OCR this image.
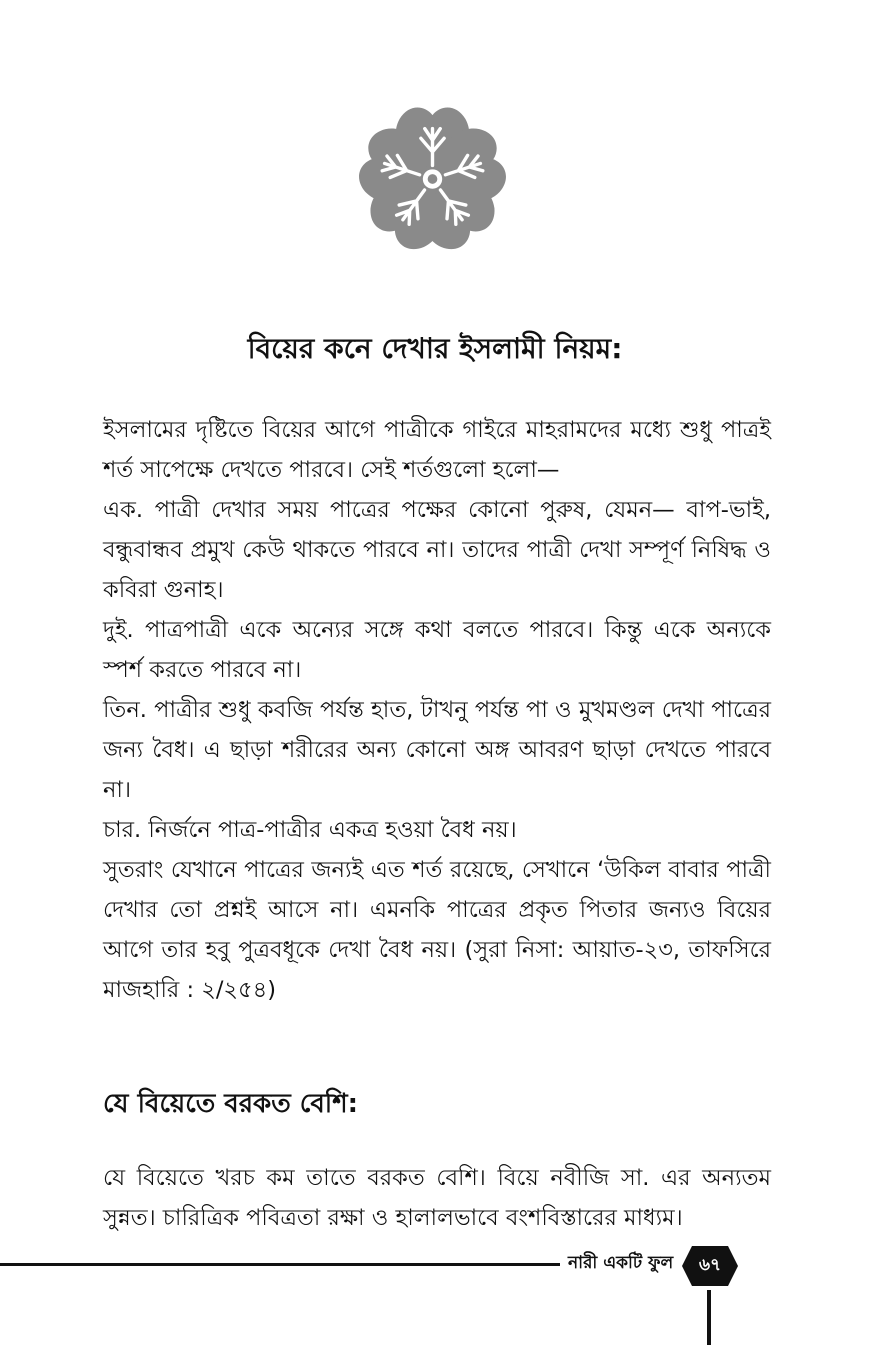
বিয়ের কনে দেখার ইসলামী নিয়ম:

ইসলামের দৃষ্টিতে বিয়ের আগে পাত্রীকে গাইরে মাহরামদের মধ্যে শুধু পাত্রই শর্ত সাপেক্ষে দেখতে পারবে। সেই শর্তগুলো হলো—

এক. পাত্রী দেখার সময় পাত্রের পক্ষের কোনো পুরুষ, যেমন— বাপ-ভাই, বন্ধুবান্ধব প্রমুখ কেউ থাকতে পারবে না। তাদের পাত্রী দেখা সম্পূর্ণ নিষিদ্ধ ও কবিরা গুনাহ।

দুই. পাত্রপাত্রী একে অন্যের সঙ্গে কথা বলতে পারবে। কিন্তু একে অন্যকে স্পর্শ করতে পারবে না।

তিন. পাত্রীর শুধু কবজি পর্যন্ত হাত, টাখনু পর্যন্ত পা ও মুখমণ্ডল দেখা পাত্রের জন্য বৈধ। এ ছাড়া শরীরের অন্য কোনো অঙ্গ আবরণ ছাড়া দেখতে পারবে না।

চার. নির্জনে পাত্র-পাত্রীর একত্র হওয়া বৈধ নয়।

সুতরাং যেখানে পাত্রের জন্যই এত শর্ত রয়েছে, সেখানে ‘উকিল বাবার পাত্রী দেখার তো প্রশ্নই আসে না। এমনকি পাত্রের প্রকৃত পিতার জন্যও বিয়ের আগে তার হবু পুত্রবধূকে দেখা বৈধ নয়। (সুরা নিসা: আয়াত-২৩, তাফসিরে মাজহারি : ২/২৫৪)

যে বিয়েতে বরকত বেশি:

যে বিয়েতে খরচ কম তাতে বরকত বেশি। বিয়ে নবীজি সা. এর অন্যতম সুন্নত। চারিত্রিক পবিত্রতা রক্ষা ও হালালভাবে বংশবিস্তারের মাধ্যম।

নারী একটি ফুল	৬৭
